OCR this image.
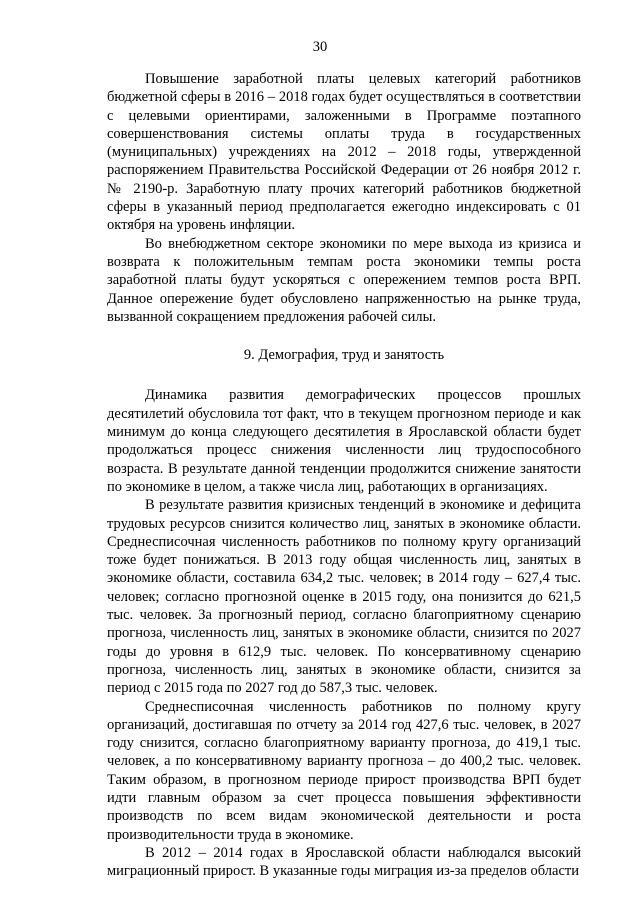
30

Повышение заработной платы целевых категорий работников бюджетной сферы в 2016 – 2018 годах будет осуществляться в соответствии с целевыми ориентирами, заложенными в Программе поэтапного совершенствования системы оплаты труда в государственных (муниципальных) учреждениях на 2012 – 2018 годы, утвержденной распоряжением Правительства Российской Федерации от 26 ноября 2012 г. № 2190-р. Заработную плату прочих категорий работников бюджетной сферы в указанный период предполагается ежегодно индексировать с 01 октября на уровень инфляции.

Во внебюджетном секторе экономики по мере выхода из кризиса и возврата к положительным темпам роста экономики темпы роста заработной платы будут ускоряться с опережением темпов роста ВРП. Данное опережение будет обусловлено напряженностью на рынке труда, вызванной сокращением предложения рабочей силы.

9. Демография, труд и занятость

Динамика развития демографических процессов прошлых десятилетий обусловила тот факт, что в текущем прогнозном периоде и как минимум до конца следующего десятилетия в Ярославской области будет продолжаться процесс снижения численности лиц трудоспособного возраста. В результате данной тенденции продолжится снижение занятости по экономике в целом, а также числа лиц, работающих в организациях.

В результате развития кризисных тенденций в экономике и дефицита трудовых ресурсов снизится количество лиц, занятых в экономике области. Среднесписочная численность работников по полному кругу организаций тоже будет понижаться. В 2013 году общая численность лиц, занятых в экономике области, составила 634,2 тыс. человек; в 2014 году – 627,4 тыс. человек; согласно прогнозной оценке в 2015 году, она понизится до 621,5 тыс. человек. За прогнозный период, согласно благоприятному сценарию прогноза, численность лиц, занятых в экономике области, снизится по 2027 годы до уровня в 612,9 тыс. человек. По консервативному сценарию прогноза, численность лиц, занятых в экономике области, снизится за период с 2015 года по 2027 год до 587,3 тыс. человек.

Среднесписочная численность работников по полному кругу организаций, достигавшая по отчету за 2014 год 427,6 тыс. человек, в 2027 году снизится, согласно благоприятному варианту прогноза, до 419,1 тыс. человек, а по консервативному варианту прогноза – до 400,2 тыс. человек. Таким образом, в прогнозном периоде прирост производства ВРП будет идти главным образом за счет процесса повышения эффективности производств по всем видам экономической деятельности и роста производительности труда в экономике.

В 2012 – 2014 годах в Ярославской области наблюдался высокий миграционный прирост. В указанные годы миграция из-за пределов области
